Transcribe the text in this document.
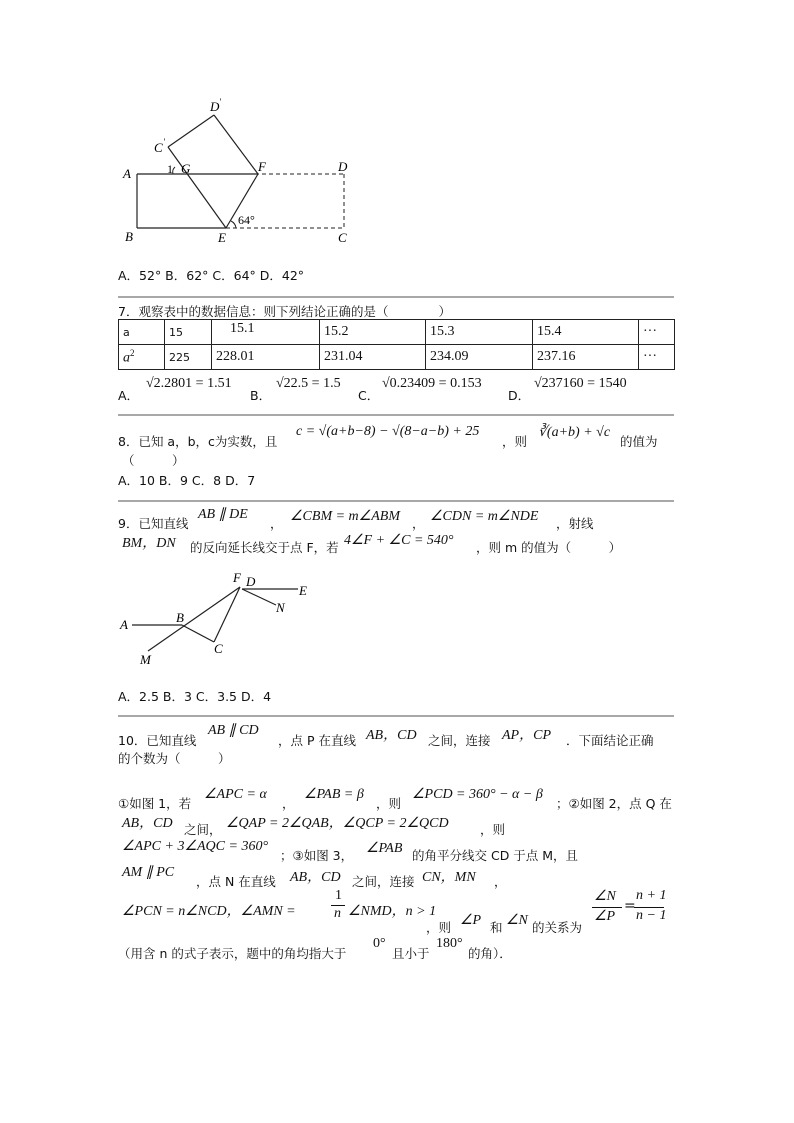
D '
C '
A	1 G	F	D
B	E	C
64°
A．52° B．62° C．64° D．42°
7．观察表中的数据信息：则下列结论正确的是（　　　　）
a	15	15.1	15.2	15.3	15.4	···
$a^2$	225	228.01	231.04	234.09	237.16	···
A．
√2.2801 = 1.51
B．
√22.5 = 1.5
C．
√0.23409 = 0.153
D．
√237160 = 1540
8．已知 a，b，c为实数，且
c = √(a+b−8) − √(8−a−b) + 25
，则
∛(a+b) + √c
的值为
（　　　）
A．10 B．9 C．8 D．7
9．已知直线
AB ∥ DE
， ∠CBM = m∠ABM ， ∠CDN = m∠NDE ，射线
BM，DN 的反向延长线交于点 F，若 4∠F + ∠C = 540° ，则 m 的值为（　　　）
F D
E
N
A	B
M
C
A．2.5 B．3 C．3.5 D．4
10．已知直线
AB ∥ CD
，点 P 在直线 AB，CD 之间，连接 AP，CP ．下面结论正确
的个数为（　　　）
①如图 1，若
∠APC = α
，
∠PAB = β
，则
∠PCD = 360° − α − β
；②如图 2，点 Q 在
AB，CD 之间， ∠QAP = 2∠QAB，∠QCP = 2∠QCD	，则
∠APC + 3∠AQC = 360°
；③如图 3， ∠PAB 的角平分线交 CD 于点 M，且
AM ∥ PC
，点 N 在直线 AB，CD 之间，连接 CN，MN ，
∠PCN = n∠NCD，∠AMN =
1
n ∠NMD，n > 1
，则 ∠P 和 ∠N 的关系为
∠N
∠P
=
n + 1
n − 1
（用含 n 的式子表示，题中的角均指大于
0°
且小于
180°
的角）．
